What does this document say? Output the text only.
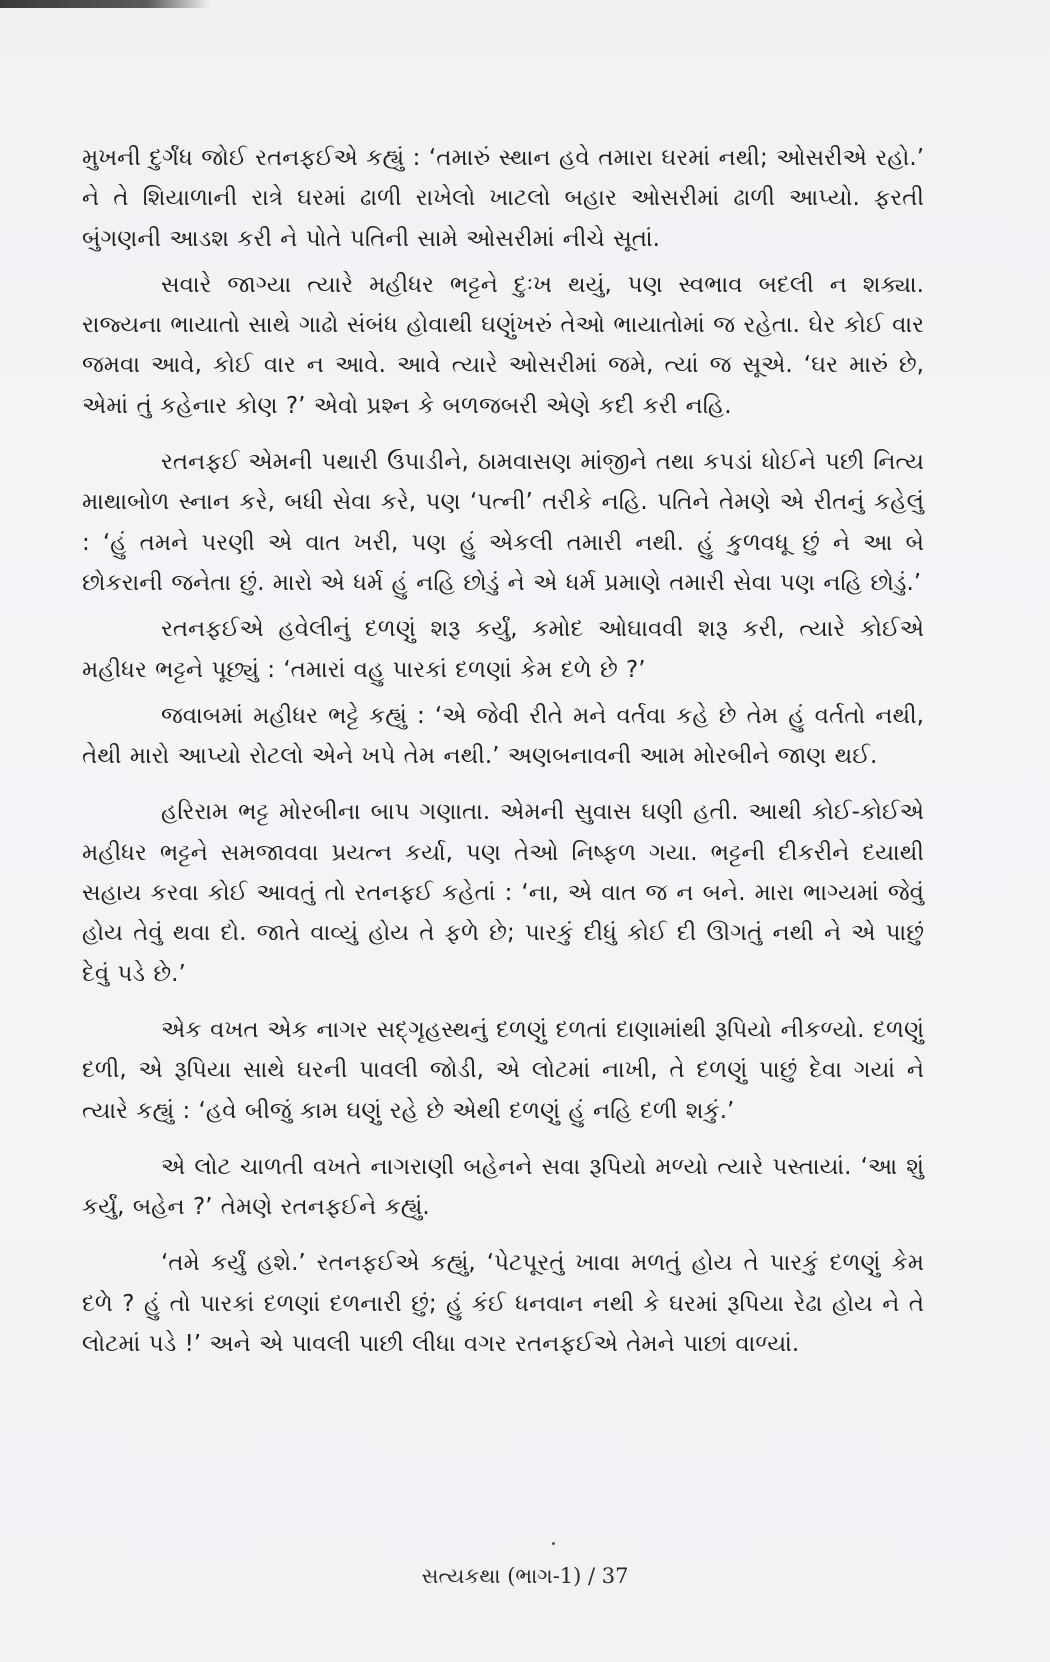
મુખની દુર્ગંધ જોઈ રતનફઈએ કહ્યું : ‘તમારું સ્થાન હવે તમારા ઘરમાં નથી; ઓસરીએ રહો.’ ને તે શિયાળાની રાત્રે ઘરમાં ઢાળી રાખેલો ખાટલો બહાર ઓસરીમાં ઢાળી આપ્યો. ફરતી બુંગણની આડશ કરી ને પોતે પતિની સામે ઓસરીમાં નીચે સૂતાં.

સવારે જાગ્યા ત્યારે મહીધર ભટ્ટને દુઃખ થયું, પણ સ્વભાવ બદલી ન શક્યા. રાજ્યના ભાયાતો સાથે ગાઢો સંબંધ હોવાથી ઘણુંખરું તેઓ ભાયાતોમાં જ રહેતા. ઘેર કોઈ વાર જમવા આવે, કોઈ વાર ન આવે. આવે ત્યારે ઓસરીમાં જમે, ત્યાં જ સૂએ. ‘ઘર મારું છે, એમાં તું કહેનાર કોણ ?’ એવો પ્રશ્ન કે બળજબરી એણે કદી કરી નહિ.

રતનફઈ એમની પથારી ઉપાડીને, ઠામવાસણ માંજીને તથા કપડાં ધોઈને પછી નિત્ય માથાબોળ સ્નાન કરે, બધી સેવા કરે, પણ ‘પત્ની’ તરીકે નહિ. પતિને તેમણે એ રીતનું કહેલું : ‘હું તમને પરણી એ વાત ખરી, પણ હું એકલી તમારી નથી. હું કુળવધૂ છું ને આ બે છોકરાની જનેતા છું. મારો એ ધર્મ હું નહિ છોડું ને એ ધર્મ પ્રમાણે તમારી સેવા પણ નહિ છોડું.’

રતનફઈએ હવેલીનું દળણું શરૂ કર્યું, કમોદ ઓઘાવવી શરૂ કરી, ત્યારે કોઈએ મહીધર ભટ્ટને પૂછ્યું : ‘તમારાં વહુ પારકાં દળણાં કેમ દળે છે ?’

જવાબમાં મહીધર ભટ્ટે કહ્યું : ‘એ જેવી રીતે મને વર્તવા કહે છે તેમ હું વર્તતો નથી, તેથી મારો આપ્યો રોટલો એને ખપે તેમ નથી.’ અણબનાવની આમ મોરબીને જાણ થઈ.

હરિરામ ભટ્ટ મોરબીના બાપ ગણાતા. એમની સુવાસ ઘણી હતી. આથી કોઈ-કોઈએ મહીધર ભટ્ટને સમજાવવા પ્રયત્ન કર્યા, પણ તેઓ નિષ્ફળ ગયા. ભટ્ટની દીકરીને દયાથી સહાય કરવા કોઈ આવતું તો રતનફઈ કહેતાં : ‘ના, એ વાત જ ન બને. મારા ભાગ્યમાં જેવું હોય તેવું થવા દો. જાતે વાવ્યું હોય તે ફળે છે; પારકું દીધું કોઈ દી ઊગતું નથી ને એ પાછું દેવું પડે છે.’

એક વખત એક નાગર સદ્‌ગૃહસ્થનું દળણું દળતાં દાણામાંથી રૂપિયો નીકળ્યો. દળણું દળી, એ રૂપિયા સાથે ઘરની પાવલી જોડી, એ લોટમાં નાખી, તે દળણું પાછું દેવા ગયાં ને ત્યારે કહ્યું : ‘હવે બીજું કામ ઘણું રહે છે એથી દળણું હું નહિ દળી શકું.’

એ લોટ ચાળતી વખતે નાગરાણી બહેનને સવા રૂપિયો મળ્યો ત્યારે પસ્તાયાં. ‘આ શું કર્યું, બહેન ?’ તેમણે રતનફઈને કહ્યું.

‘તમે કર્યું હશે.’ રતનફઈએ કહ્યું, ‘પેટપૂરતું ખાવા મળતું હોય તે પારકું દળણું કેમ દળે ? હું તો પારકાં દળણાં દળનારી છું; હું કંઈ ધનવાન નથી કે ઘરમાં રૂપિયા રેઢા હોય ને તે લોટમાં પડે !’ અને એ પાવલી પાછી લીધા વગર રતનફઈએ તેમને પાછાં વાળ્યાં.

સત્યકથા (ભાગ-1) / 37
